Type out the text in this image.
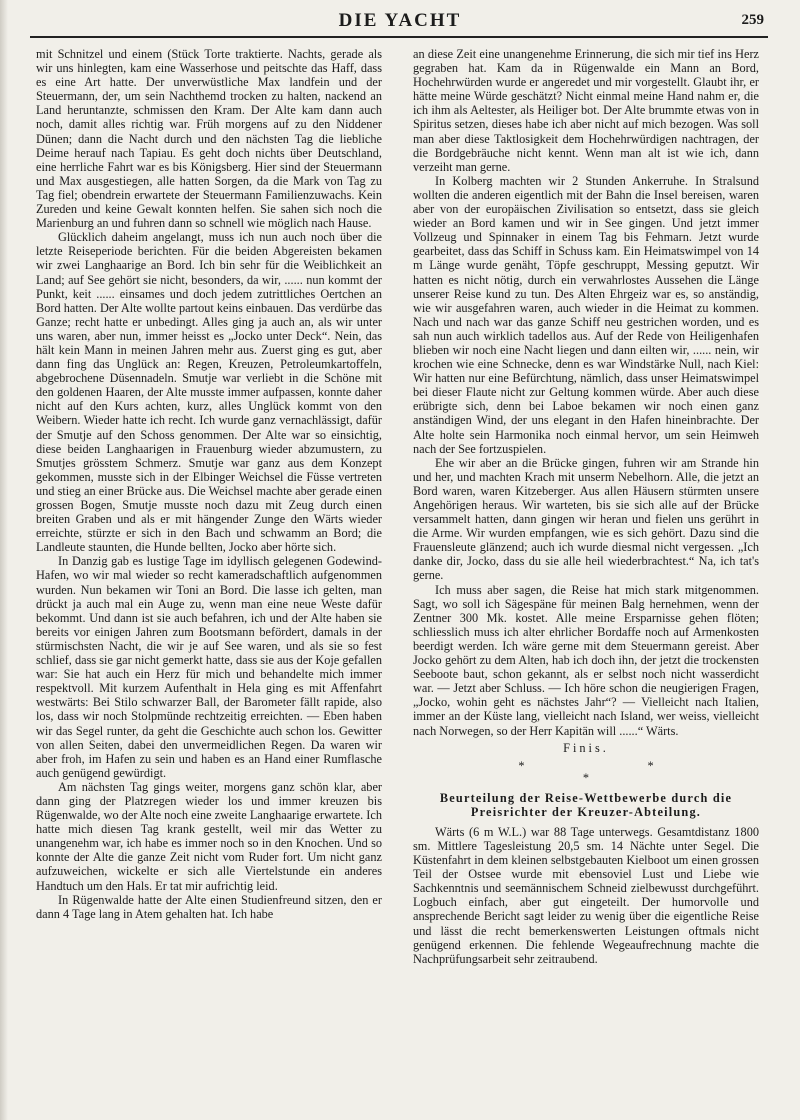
DIE YACHT	259

mit Schnitzel und einem (Stück Torte traktierte. Nachts, gerade als wir uns hinlegten, kam eine Wasserhose und peitschte das Haff, dass es eine Art hatte. Der unverwüstliche Max landfein und der Steuermann, der, um sein Nachthemd trocken zu halten, nackend an Land heruntanzte, schmissen den Kram. Der Alte kam dann auch noch, damit alles richtig war. Früh morgens auf zu den Niddener Dünen; dann die Nacht durch und den nächsten Tag die liebliche Deime herauf nach Tapiau. Es geht doch nichts über Deutschland, eine herrliche Fahrt war es bis Königsberg. Hier sind der Steuermann und Max ausgestiegen, alle hatten Sorgen, da die Mark von Tag zu Tag fiel; obendrein erwartete der Steuermann Familienzuwachs. Kein Zureden und keine Gewalt konnten helfen. Sie sahen sich noch die Marienburg an und fuhren dann so schnell wie möglich nach Hause.

Glücklich daheim angelangt, muss ich nun auch noch über die letzte Reiseperiode berichten. Für die beiden Abgereisten bekamen wir zwei Langhaarige an Bord. Ich bin sehr für die Weiblichkeit an Land; auf See gehört sie nicht, besonders, da wir, ...... nun kommt der Punkt, keit ...... einsames und doch jedem zutrittliches Oertchen an Bord hatten. Der Alte wollte partout keins einbauen. Das verdürbe das Ganze; recht hatte er unbedingt. Alles ging ja auch an, als wir unter uns waren, aber nun, immer heisst es „Jocko unter Deck“. Nein, das hält kein Mann in meinen Jahren mehr aus. Zuerst ging es gut, aber dann fing das Unglück an: Regen, Kreuzen, Petroleumkartoffeln, abgebrochene Düsennadeln. Smutje war verliebt in die Schöne mit den goldenen Haaren, der Alte musste immer aufpassen, konnte daher nicht auf den Kurs achten, kurz, alles Unglück kommt von den Weibern. Wieder hatte ich recht. Ich wurde ganz vernachlässigt, dafür der Smutje auf den Schoss genommen. Der Alte war so einsichtig, diese beiden Langhaarigen in Frauenburg wieder abzumustern, zu Smutjes grösstem Schmerz. Smutje war ganz aus dem Konzept gekommen, musste sich in der Elbinger Weichsel die Füsse vertreten und stieg an einer Brücke aus. Die Weichsel machte aber gerade einen grossen Bogen, Smutje musste noch dazu mit Zeug durch einen breiten Graben und als er mit hängender Zunge den Wärts wieder erreichte, stürzte er sich in den Bach und schwamm an Bord; die Landleute staunten, die Hunde bellten, Jocko aber hörte sich.

In Danzig gab es lustige Tage im idyllisch gelegenen Godewind-Hafen, wo wir mal wieder so recht kameradschaftlich aufgenommen wurden. Nun bekamen wir Toni an Bord. Die lasse ich gelten, man drückt ja auch mal ein Auge zu, wenn man eine neue Weste dafür bekommt. Und dann ist sie auch befahren, ich und der Alte haben sie bereits vor einigen Jahren zum Bootsmann befördert, damals in der stürmischsten Nacht, die wir je auf See waren, und als sie so fest schlief, dass sie gar nicht gemerkt hatte, dass sie aus der Koje gefallen war: Sie hat auch ein Herz für mich und behandelte mich immer respektvoll. Mit kurzem Aufenthalt in Hela ging es mit Affenfahrt westwärts: Bei Stilo schwarzer Ball, der Barometer fällt rapide, also los, dass wir noch Stolpmünde rechtzeitig erreichten. — Eben haben wir das Segel runter, da geht die Geschichte auch schon los. Gewitter von allen Seiten, dabei den unvermeidlichen Regen. Da waren wir aber froh, im Hafen zu sein und haben es an Hand einer Rumflasche auch genügend gewürdigt.

Am nächsten Tag gings weiter, morgens ganz schön klar, aber dann ging der Platzregen wieder los und immer kreuzen bis Rügenwalde, wo der Alte noch eine zweite Langhaarige erwartete. Ich hatte mich diesen Tag krank gestellt, weil mir das Wetter zu unangenehm war, ich habe es immer noch so in den Knochen. Und so konnte der Alte die ganze Zeit nicht vom Ruder fort. Um nicht ganz aufzuweichen, wickelte er sich alle Viertelstunde ein anderes Handtuch um den Hals. Er tat mir aufrichtig leid.

In Rügenwalde hatte der Alte einen Studienfreund sitzen, den er dann 4 Tage lang in Atem gehalten hat. Ich habe

an diese Zeit eine unangenehme Erinnerung, die sich mir tief ins Herz gegraben hat. Kam da in Rügenwalde ein Mann an Bord, Hochehrwürden wurde er angeredet und mir vorgestellt. Glaubt ihr, er hätte meine Würde geschätzt? Nicht einmal meine Hand nahm er, die ich ihm als Aeltester, als Heiliger bot. Der Alte brummte etwas von in Spiritus setzen, dieses habe ich aber nicht auf mich bezogen. Was soll man aber diese Taktlosigkeit dem Hochehrwürdigen nachtragen, der die Bordgebräuche nicht kennt. Wenn man alt ist wie ich, dann verzeiht man gerne.

In Kolberg machten wir 2 Stunden Ankerruhe. In Stralsund wollten die anderen eigentlich mit der Bahn die Insel bereisen, waren aber von der europäischen Zivilisation so entsetzt, dass sie gleich wieder an Bord kamen und wir in See gingen. Und jetzt immer Vollzeug und Spinnaker in einem Tag bis Fehmarn. Jetzt wurde gearbeitet, dass das Schiff in Schuss kam. Ein Heimatswimpel von 14 m Länge wurde genäht, Töpfe geschruppt, Messing geputzt. Wir hatten es nicht nötig, durch ein verwahrlostes Aussehen die Länge unserer Reise kund zu tun. Des Alten Ehrgeiz war es, so anständig, wie wir ausgefahren waren, auch wieder in die Heimat zu kommen. Nach und nach war das ganze Schiff neu gestrichen worden, und es sah nun auch wirklich tadellos aus. Auf der Rede von Heiligenhafen blieben wir noch eine Nacht liegen und dann eilten wir, ...... nein, wir krochen wie eine Schnecke, denn es war Windstärke Null, nach Kiel: Wir hatten nur eine Befürchtung, nämlich, dass unser Heimatswimpel bei dieser Flaute nicht zur Geltung kommen würde. Aber auch diese erübrigte sich, denn bei Laboe bekamen wir noch einen ganz anständigen Wind, der uns elegant in den Hafen hineinbrachte. Der Alte holte sein Harmonika noch einmal hervor, um sein Heimweh nach der See fortzuspielen.

Ehe wir aber an die Brücke gingen, fuhren wir am Strande hin und her, und machten Krach mit unserm Nebelhorn. Alle, die jetzt an Bord waren, waren Kitzeberger. Aus allen Häusern stürmten unsere Angehörigen heraus. Wir warteten, bis sie sich alle auf der Brücke versammelt hatten, dann gingen wir heran und fielen uns gerührt in die Arme. Wir wurden empfangen, wie es sich gehört. Dazu sind die Frauensleute glänzend; auch ich wurde diesmal nicht vergessen. „Ich danke dir, Jocko, dass du sie alle heil wiederbrachtest.“ Na, ich tat's gerne.

Ich muss aber sagen, die Reise hat mich stark mitgenommen. Sagt, wo soll ich Sägespäne für meinen Balg hernehmen, wenn der Zentner 300 Mk. kostet. Alle meine Ersparnisse gehen flöten; schliesslich muss ich alter ehrlicher Bordaffe noch auf Armenkosten beerdigt werden. Ich wäre gerne mit dem Steuermann gereist. Aber Jocko gehört zu dem Alten, hab ich doch ihn, der jetzt die trockensten Seeboote baut, schon gekannt, als er selbst noch nicht wasserdicht war. — Jetzt aber Schluss. — Ich höre schon die neugierigen Fragen, „Jocko, wohin geht es nächstes Jahr“? — Vielleicht nach Italien, immer an der Küste lang, vielleicht nach Island, wer weiss, vielleicht nach Norwegen, so der Herr Kapitän will ......“ Wärts.

Finis.
* *
*
Beurteilung der Reise-Wettbewerbe durch die
Preisrichter der Kreuzer-Abteilung.

Wärts (6 m W.L.) war 88 Tage unterwegs. Gesamtdistanz 1800 sm. Mittlere Tagesleistung 20,5 sm. 14 Nächte unter Segel. Die Küstenfahrt in dem kleinen selbstgebauten Kielboot um einen grossen Teil der Ostsee wurde mit ebensoviel Lust und Liebe wie Sachkenntnis und seemännischem Schneid zielbewusst durchgeführt. Logbuch einfach, aber gut eingeteilt. Der humorvolle und ansprechende Bericht sagt leider zu wenig über die eigentliche Reise und lässt die recht bemerkenswerten Leistungen oftmals nicht genügend erkennen. Die fehlende Wegeaufrechnung machte die Nachprüfungsarbeit sehr zeitraubend.
